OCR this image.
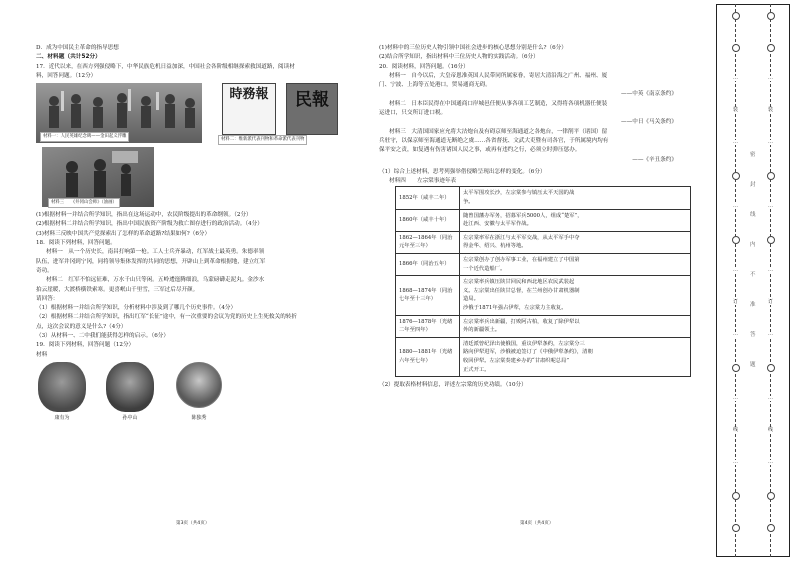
D．成为中国民主革命的指导思想
二、材料题（共计52分）
17．近代以来，在西方列强侵略下，中华民族危机日益加深，中国社会各阶级相继探索救国道路，阅读材
料，回答问题。（12分）
材料一：人民英雄纪念碑——金田起义浮雕
時務報	民報
材料二：维新派代表刊物和革命派代表刊物
材料三　　《井冈山会师》（油画）
(1)根据材料一并结合所学知识，指出在这场运动中，农民阶级提出的革命纲领。（2分）
(2)根据材料二并结合所学知识，指出中国民族资产阶级为救亡图存进行的政治活动。（4分）
(3)材料三反映中国共产党探索出了怎样的革命道路?结果如何?（6分）
18．阅读下列材料，回答问题。
材料一　从一个历史长，南昌打响第一枪。工人士兵齐暴动，红军战士最英勇。朱德率领
队伍，进军井冈到宁冈，同将领导集体发挥的共同的思想，开辟山上到革命根据地，建立红军
奇功。
材料二　红军不怕远征难，万水千山只等闲。五岭逶迤腾细浪，乌蒙磅礴走泥丸。金沙水
拍云崖暖，大渡桥横铁索寒。更喜岷山千里雪，三军过后尽开颜。
请回答：
（1）根据材料一并结合所学知识，分析材料中涉及到了哪几个历史事件。（4分）
（2）根据材料二并结合所学知识，指出红军“长征”途中，有一次重要的会议为党的历史上生死攸关的转折
点，这次会议的意义是什么?（4分）
（3）从材料一、二中我们能获得怎样的启示。（6分）
19．阅读下列材料，回答问题（12分）
材料
康有为	孙中山	陈独秀
第3页（共4页）
(1)材料中的三位历史人物引领中国社会进步的核心思想分别是什么?（6分）
(2)结合所学知识，指出材料中三位历史人物的实践活动。（6分）
20．阅读材料，回答问题。（16分）
材料一　自今以后，大皇帝恩准英国人民带同所属家眷，寄居大清沿海之广州、福州、厦
门、宁波、上海等五处港口，贸易通商无碍。
——中英《南京条约》
材料二　日本臣民得在中国通商口岸城邑任便从事各项工艺制造，又得将各项机器任便装
运进口，只交所订进口税。
——中日《马关条约》
材料三　大清国国家应允将大沽炮台及有碍京师至海通道之各炮台，一律削平（诸国）留
兵驻守，以保京师至海通道无断绝之虞……各省督抚、文武大吏暨有司各官，于所属境内均有
保平安之责，如复遇有伤害诸国人民之事，或再有违约之行，必须立时弹压惩办。
——《辛丑条约》
（1）综合上述材料，思考列强举借侵略呈现出怎样的变化。（6分）
材料四　　左宗棠事迹年表
1852年（咸丰二年）	太平军围攻长沙，左宗棠参与镇压太平天国的战
争。

1860年（咸丰十年）	随曾国藩办军务，招募军兵5000人，组成“楚军”，
赴江西、安徽与太平军作战。

1862—1864年（同治元年至三年）	左宗棠率军在浙江与太平军交战，从太平军手中夺
得金华、绍兴、杭州等地。

1866年（同治五年）	左宗棠创办了创办军事工业，在福州建立了中国第
一个近代造船厂。

1868—1874年（同治七年至十三年）	左宗棠率兵镇压陕甘回民和西北地区农民武装起
义。左宗棠出任陕甘总督，在兰州创办甘肃机器制
造局。
沙俄于1871年强占伊犁，左宗棠力主收复。

1876—1878年（光绪二年至四年）	左宗棠率兵出新疆，打败阿古柏，收复了除伊犁以
外的新疆领土。

1880—1881年（光绪六年至七年）	清廷派曾纪泽出使俄国，重议伊犁条约，左宗棠分三
路向伊犁进军，沙俄被迫签订了《中俄伊犁条约》，清朝
收回伊犁。左宗棠奏建乡办的“甘肃织呢总局”
正式开工。
（2）提取表格材料信息，评述左宗棠的历史功绩。（10分）
第4页（共4页）
…	…
装	装
…	…
…	…
…	…
订	订
…	…
…	…
线	线
…	…
密
封
线
内
不
准
答
题
